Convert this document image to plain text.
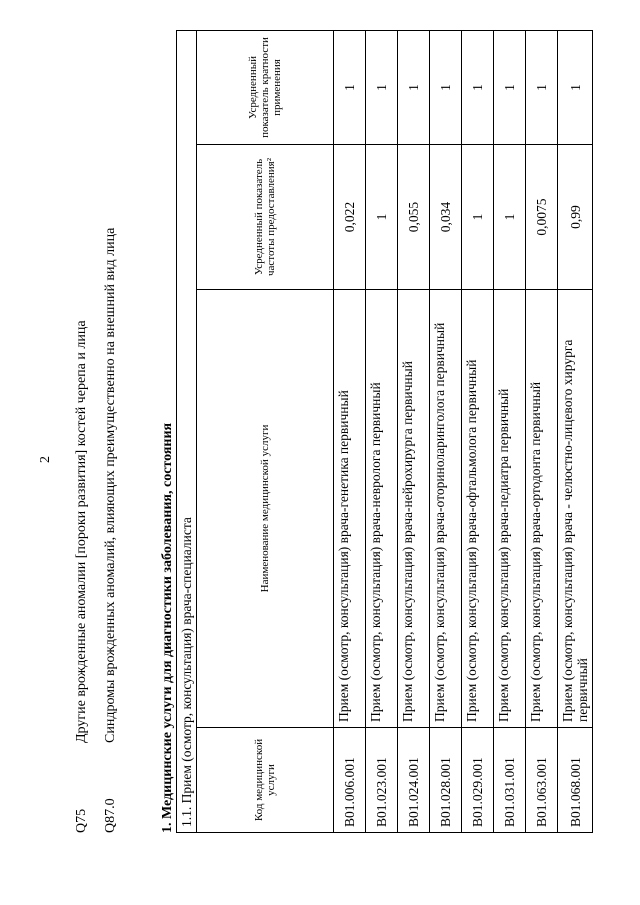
2
Q75
Другие врожденные аномалии [пороки развития] костей черепа и лица
Q87.0
Синдромы врожденных аномалий, влияющих преимущественно на внешний вид лица	1. Медицинские услуги для диагностики заболевания, состояния 1.1. Прием (осмотр, консультация) врача-специалиста			
Код медицинской услуги	Наименование медицинской услуги	Усредненный показатель частоты предоставления²	Усредненный показатель кратности применения
B01.006.001	Прием (осмотр, консультация) врача-генетика первичный	0,022	1
B01.023.001	Прием (осмотр, консультация) врача-невролога первичный	1	1
B01.024.001	Прием (осмотр, консультация) врача-нейрохирурга первичный	0,055	1
B01.028.001	Прием (осмотр, консультация) врача-оториноларинголога первичный	0,034	1
B01.029.001	Прием (осмотр, консультация) врача-офтальмолога первичный	1	1
B01.031.001	Прием (осмотр, консультация) врача-педиатра первичный	1	1
B01.063.001	Прием (осмотр, консультация) врача-ортодонта первичный	0,0075	1
B01.068.001	Прием (осмотр, консультация) врача - челюстно-лицевого хирурга первичный	0,99	1
